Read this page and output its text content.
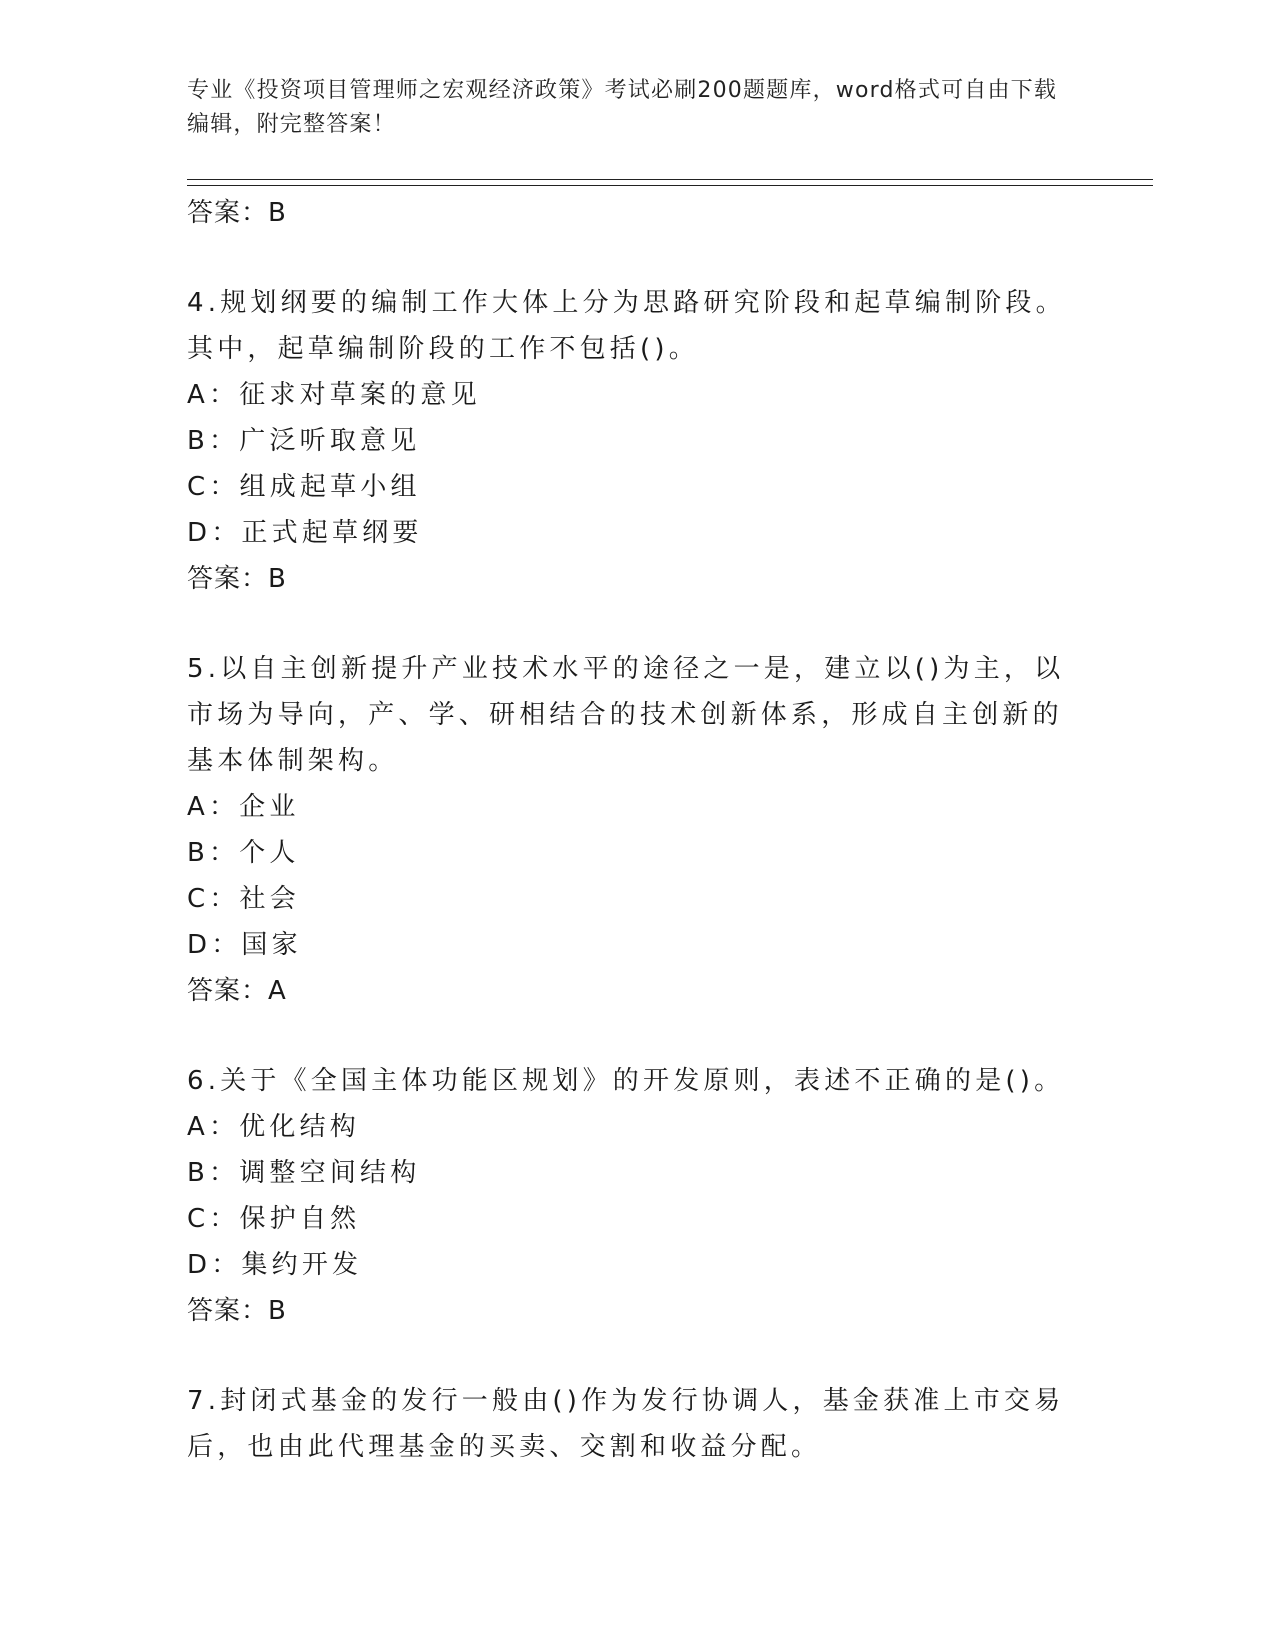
专业《投资项目管理师之宏观经济政策》考试必刷200题题库，word格式可自由下载编辑，附完整答案！
答案：B
4.规划纲要的编制工作大体上分为思路研究阶段和起草编制阶段。其中，起草编制阶段的工作不包括()。
A：征求对草案的意见
B：广泛听取意见
C：组成起草小组
D：正式起草纲要
答案：B
5.以自主创新提升产业技术水平的途径之一是，建立以()为主，以市场为导向，产、学、研相结合的技术创新体系，形成自主创新的基本体制架构。
A：企业
B：个人
C：社会
D：国家
答案：A
6.关于《全国主体功能区规划》的开发原则，表述不正确的是()。
A：优化结构
B：调整空间结构
C：保护自然
D：集约开发
答案：B
7.封闭式基金的发行一般由()作为发行协调人，基金获准上市交易后，也由此代理基金的买卖、交割和收益分配。
